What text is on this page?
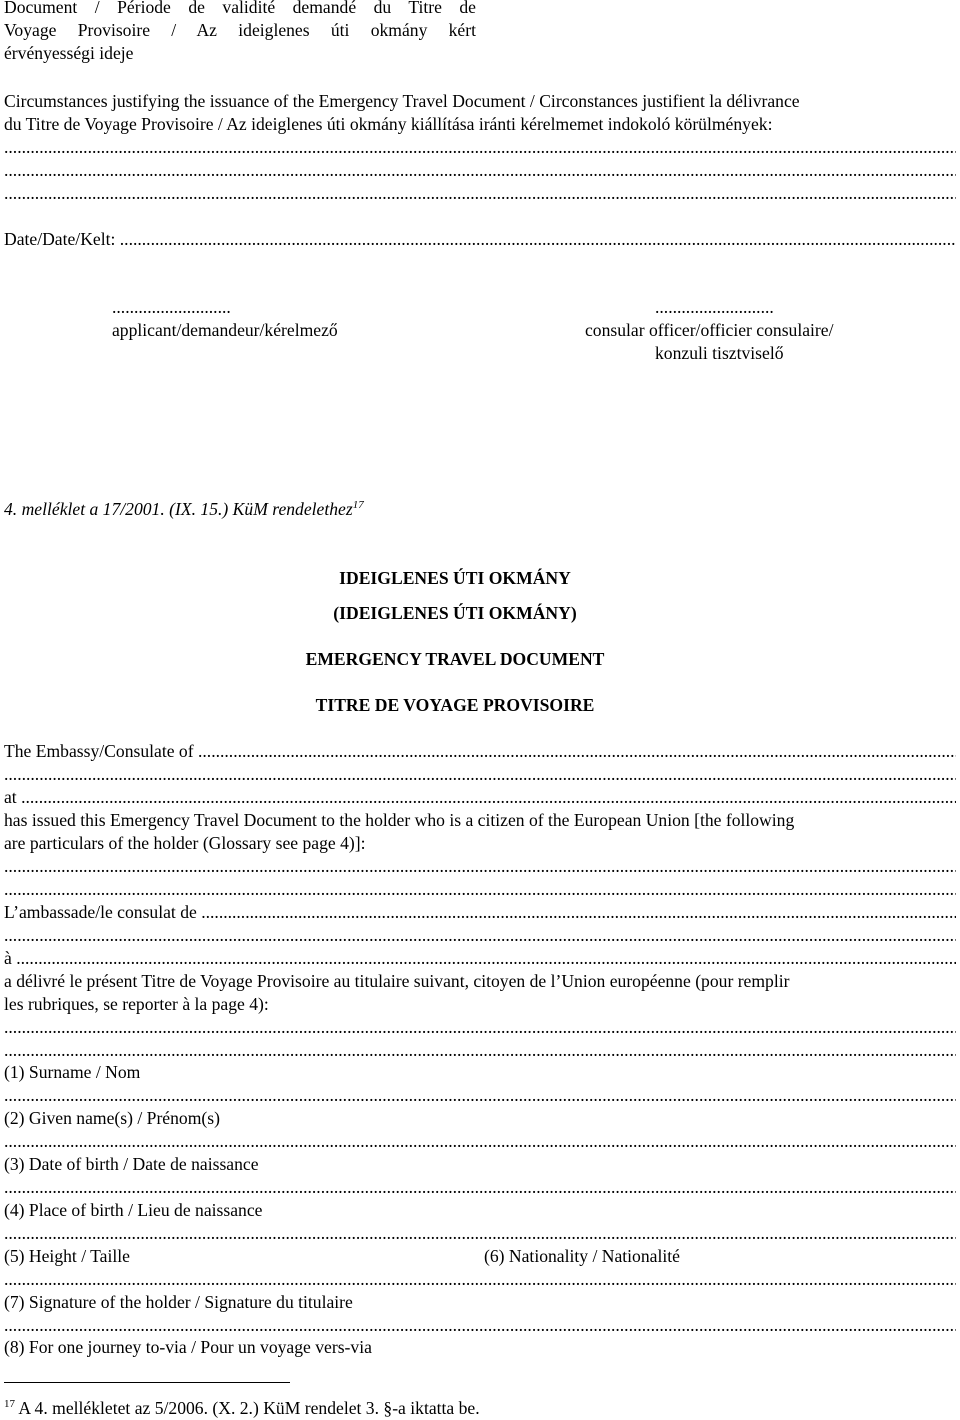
Document / Période de validité demandé du Titre de
Voyage Provisoire / Az ideiglenes úti okmány kért
érvényességi ideje
Circumstances justifying the issuance of the Emergency Travel Document / Circonstances justifient la délivrance
du Titre de Voyage Provisoire / Az ideiglenes úti okmány kiállítása iránti kérelmemet indokoló körülmények:
.....
.....
.....
Date/Date/Kelt:
.....
...........................
applicant/demandeur/kérelmező
...........................
consular officer/officier consulaire/
konzuli tisztviselő
4. melléklet a 17/2001. (IX. 15.) KüM rendelethez$^{17}$
IDEIGLENES ÚTI OKMÁNY
(IDEIGLENES ÚTI OKMÁNY)
EMERGENCY TRAVEL DOCUMENT
TITRE DE VOYAGE PROVISOIRE
The Embassy/Consulate of
.....
.....
at
.....
has issued this Emergency Travel Document to the holder who is a citizen of the European Union [the following
are particulars of the holder (Glossary see page 4)]:
.....
.....
L’ambassade/le consulat de
.....
.....
à
.....
a délivré le présent Titre de Voyage Provisoire au titulaire suivant, citoyen de l’Union européenne (pour remplir
les rubriques, se reporter à la page 4):
.....
.....
(1) Surname / Nom
.....
(2) Given name(s) / Prénom(s)
.....
(3) Date of birth / Date de naissance
.....
(4) Place of birth / Lieu de naissance
.....
(5) Height / Taille	(6) Nationality / Nationalité
.....
(7) Signature of the holder / Signature du titulaire
.....
(8) For one journey to-via / Pour un voyage vers-via
$^{17}$ A 4. mellékletet az 5/2006. (X. 2.) KüM rendelet 3. §-a iktatta be.
